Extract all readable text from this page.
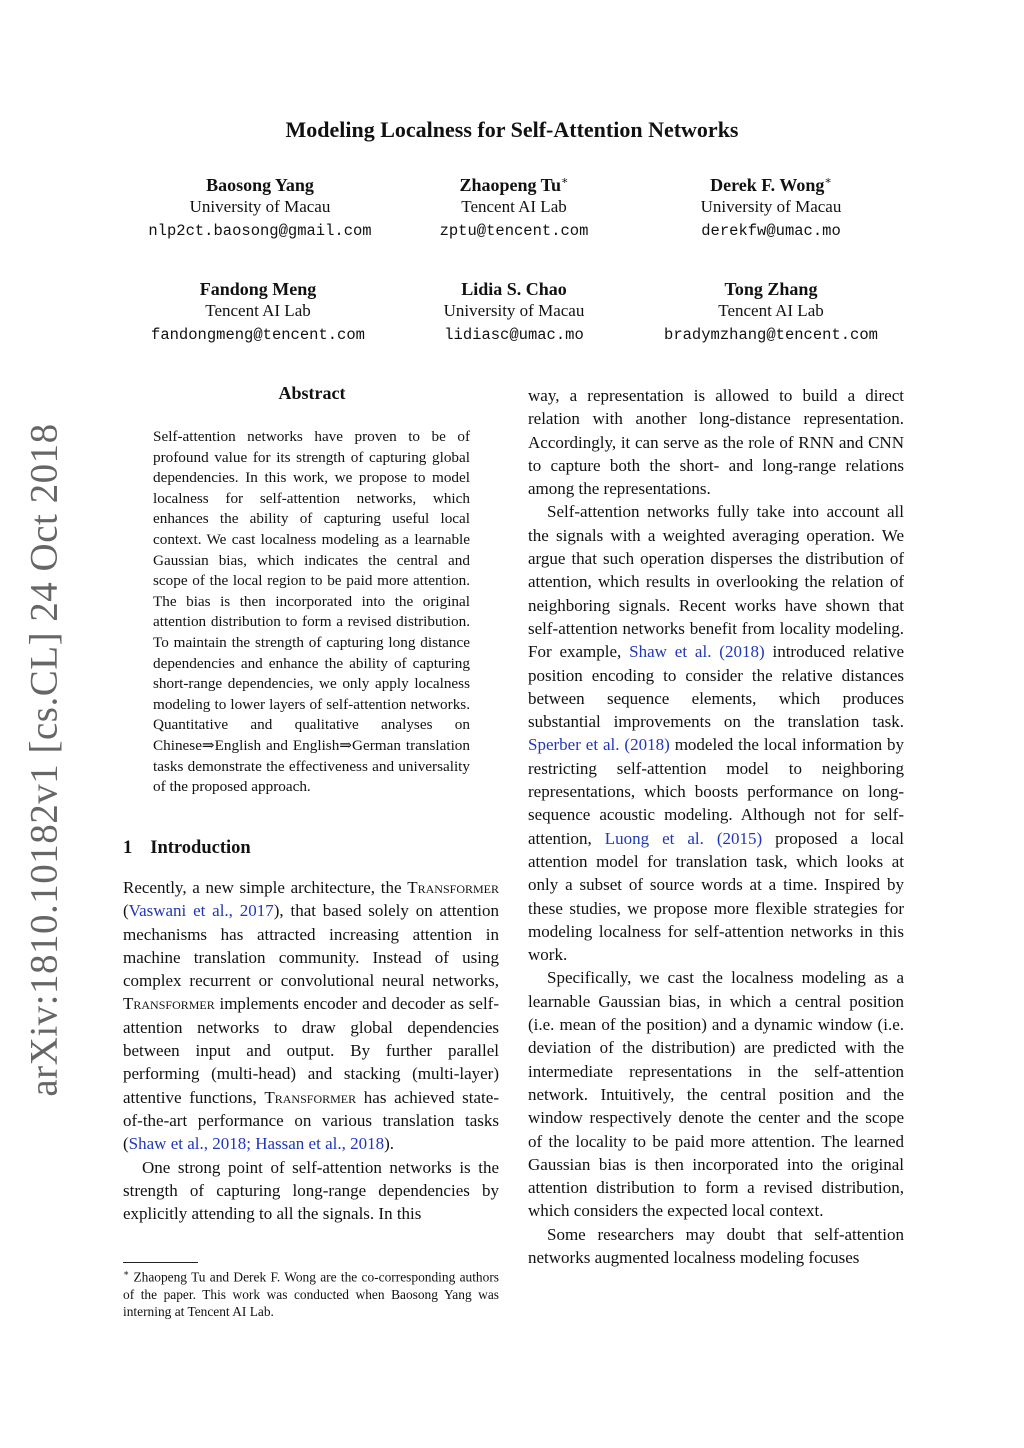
arXiv:1810.10182v1 [cs.CL] 24 Oct 2018
Modeling Localness for Self-Attention Networks
Baosong Yang
University of Macau
nlp2ct.baosong@gmail.com
Zhaopeng Tu∗
Tencent AI Lab
zptu@tencent.com
Derek F. Wong∗
University of Macau
derekfw@umac.mo
Fandong Meng
Tencent AI Lab
fandongmeng@tencent.com
Lidia S. Chao
University of Macau
lidiasc@umac.mo
Tong Zhang
Tencent AI Lab
bradymzhang@tencent.com
Abstract
Self-attention networks have proven to be of profound value for its strength of capturing global dependencies. In this work, we propose to model localness for self-attention networks, which enhances the ability of capturing useful local context. We cast localness modeling as a learnable Gaussian bias, which indicates the central and scope of the local region to be paid more attention. The bias is then incorporated into the original attention distribution to form a revised distribution. To maintain the strength of capturing long distance dependencies and enhance the ability of capturing short-range dependencies, we only apply localness modeling to lower layers of self-attention networks. Quantitative and qualitative analyses on Chinese⇒English and English⇒German translation tasks demonstrate the effectiveness and universality of the proposed approach.
1 Introduction

Recently, a new simple architecture, the Transformer (Vaswani et al., 2017), that based solely on attention mechanisms has attracted increasing attention in machine translation community. Instead of using complex recurrent or convolutional neural networks, Transformer implements encoder and decoder as self-attention networks to draw global dependencies between input and output. By further parallel performing (multi-head) and stacking (multi-layer) attentive functions, Transformer has achieved state-of-the-art performance on various translation tasks (Shaw et al., 2018; Hassan et al., 2018).

One strong point of self-attention networks is the strength of capturing long-range dependencies by explicitly attending to all the signals. In this

∗ Zhaopeng Tu and Derek F. Wong are the co-corresponding authors of the paper. This work was conducted when Baosong Yang was interning at Tencent AI Lab.

way, a representation is allowed to build a direct relation with another long-distance representation. Accordingly, it can serve as the role of RNN and CNN to capture both the short- and long-range relations among the representations.

Self-attention networks fully take into account all the signals with a weighted averaging operation. We argue that such operation disperses the distribution of attention, which results in overlooking the relation of neighboring signals. Recent works have shown that self-attention networks benefit from locality modeling. For example, Shaw et al. (2018) introduced relative position encoding to consider the relative distances between sequence elements, which produces substantial improvements on the translation task. Sperber et al. (2018) modeled the local information by restricting self-attention model to neighboring representations, which boosts performance on long-sequence acoustic modeling. Although not for self-attention, Luong et al. (2015) proposed a local attention model for translation task, which looks at only a subset of source words at a time. Inspired by these studies, we propose more flexible strategies for modeling localness for self-attention networks in this work.

Specifically, we cast the localness modeling as a learnable Gaussian bias, in which a central position (i.e. mean of the position) and a dynamic window (i.e. deviation of the distribution) are predicted with the intermediate representations in the self-attention network. Intuitively, the central position and the window respectively denote the center and the scope of the locality to be paid more attention. The learned Gaussian bias is then incorporated into the original attention distribution to form a revised distribution, which considers the expected local context.

Some researchers may doubt that self-attention networks augmented localness modeling focuses
